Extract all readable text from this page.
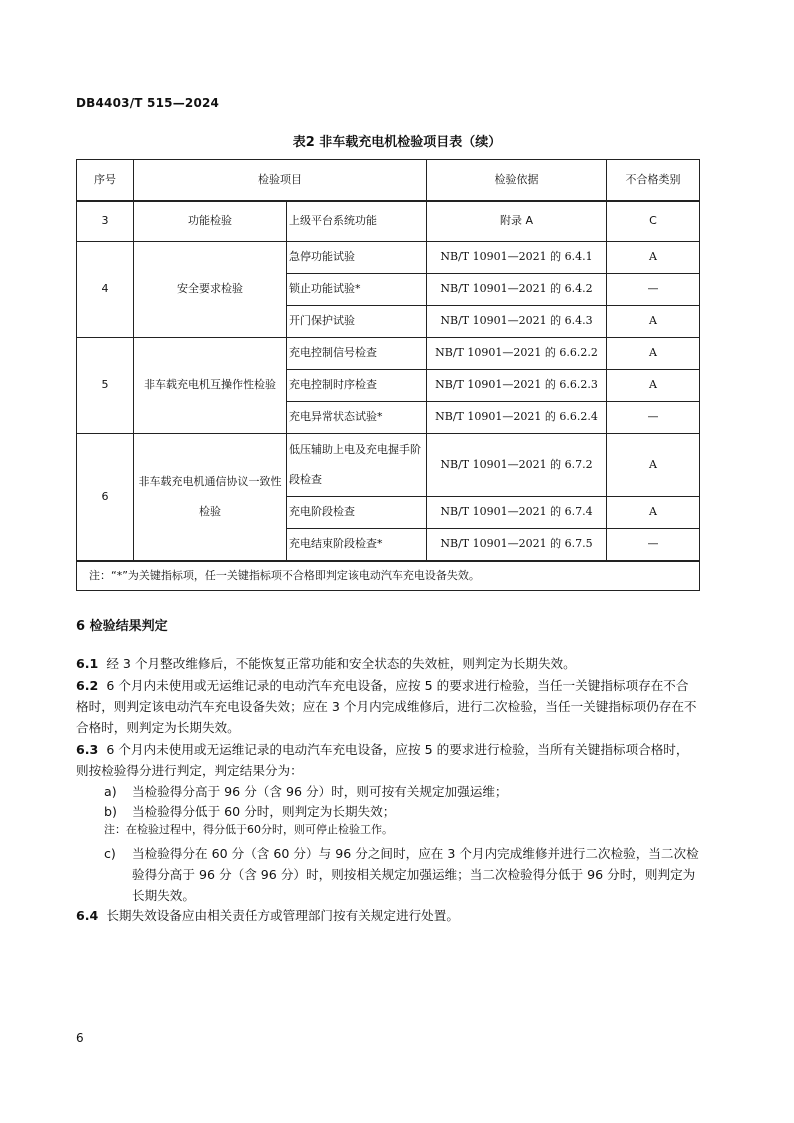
DB4403/T 515—2024
表2 非车载充电机检验项目表（续）
序号	检验项目		检验依据	不合格类别
3	功能检验	上级平台系统功能	附录 A	C
4	安全要求检验	急停功能试验	NB/T 10901—2021 的 6.4.1	A
		锁止功能试验*	NB/T 10901—2021 的 6.4.2	—
		开门保护试验	NB/T 10901—2021 的 6.4.3	A
5	非车载充电机互操作性检验	充电控制信号检查	NB/T 10901—2021 的 6.6.2.2	A
		充电控制时序检查	NB/T 10901—2021 的 6.6.2.3	A
		充电异常状态试验*	NB/T 10901—2021 的 6.6.2.4	—
6	非车载充电机通信协议一致性检验	低压辅助上电及充电握手阶段检查	NB/T 10901—2021 的 6.7.2	A
		充电阶段检查	NB/T 10901—2021 的 6.7.4	A
		充电结束阶段检查*	NB/T 10901—2021 的 6.7.5	—
注：“*”为关键指标项，任一关键指标项不合格即判定该电动汽车充电设备失效。				
6 检验结果判定
6.1 经 3 个月整改维修后，不能恢复正常功能和安全状态的失效桩，则判定为长期失效。
6.2 6 个月内未使用或无运维记录的电动汽车充电设备，应按 5 的要求进行检验，当任一关键指标项存在不合格时，则判定该电动汽车充电设备失效；应在 3 个月内完成维修后，进行二次检验，当任一关键指标项仍存在不合格时，则判定为长期失效。
6.3 6 个月内未使用或无运维记录的电动汽车充电设备，应按 5 的要求进行检验，当所有关键指标项合格时，则按检验得分进行判定，判定结果分为：
a) 当检验得分高于 96 分（含 96 分）时，则可按有关规定加强运维；
b) 当检验得分低于 60 分时，则判定为长期失效；
注：在检验过程中，得分低于60分时，则可停止检验工作。
c)	当检验得分在 60 分（含 60 分）与 96 分之间时，应在 3 个月内完成维修并进行二次检验，当二次检验得分高于 96 分（含 96 分）时，则按相关规定加强运维；当二次检验得分低于 96 分时，则判定为长期失效。
6.4 长期失效设备应由相关责任方或管理部门按有关规定进行处置。
6
